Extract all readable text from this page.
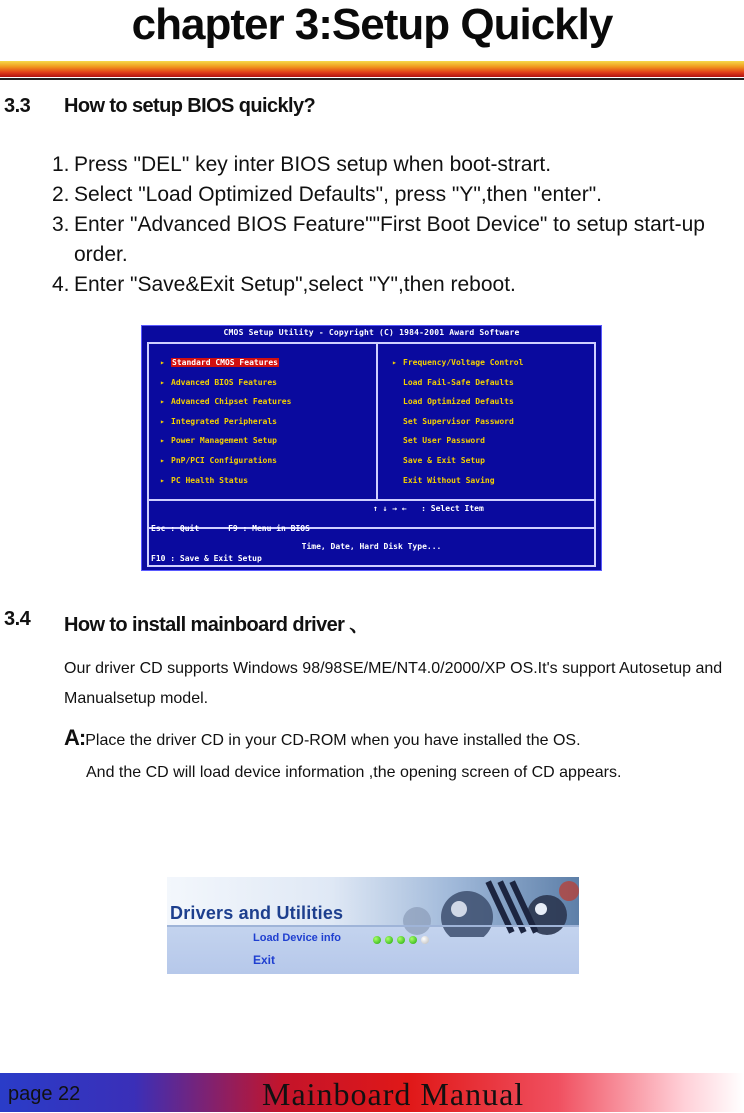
chapter 3:Setup Quickly
3.3 How to setup BIOS quickly?
1. Press "DEL" key inter BIOS setup when boot-strart.
2. Select "Load Optimized Defaults", press "Y",then "enter".
3. Enter "Advanced BIOS Feature""First Boot Device" to setup start-up order.
4. Enter "Save&Exit Setup",select "Y",then reboot.
CMOS Setup Utility - Copyright (C) 1984-2001 Award Software
▸ Standard CMOS Features
▸ Advanced BIOS Features
▸ Advanced Chipset Features
▸ Integrated Peripherals
▸ Power Management Setup
▸ PnP/PCI Configurations
▸ PC Health Status
▸ Frequency/Voltage Control
Load Fail-Safe Defaults
Load Optimized Defaults
Set Supervisor Password
Set User Password
Save & Exit Setup
Exit Without Saving

Esc : Quit      F9 : Menu in BIOS

F10 : Save & Exit Setup

↑ ↓ → ←   : Select Item

Time, Date, Hard Disk Type...
3.4 How to install mainboard driver 、
Our driver CD supports Windows 98/98SE/ME/NT4.0/2000/XP OS.It's support Autosetup and Manualsetup model.
A:Place the driver CD in your CD-ROM when you have installed the OS.
And the CD will load device information ,the opening screen of CD appears.
Drivers and Utilities
Load Device info
Exit
page 22	Mainboard Manual
